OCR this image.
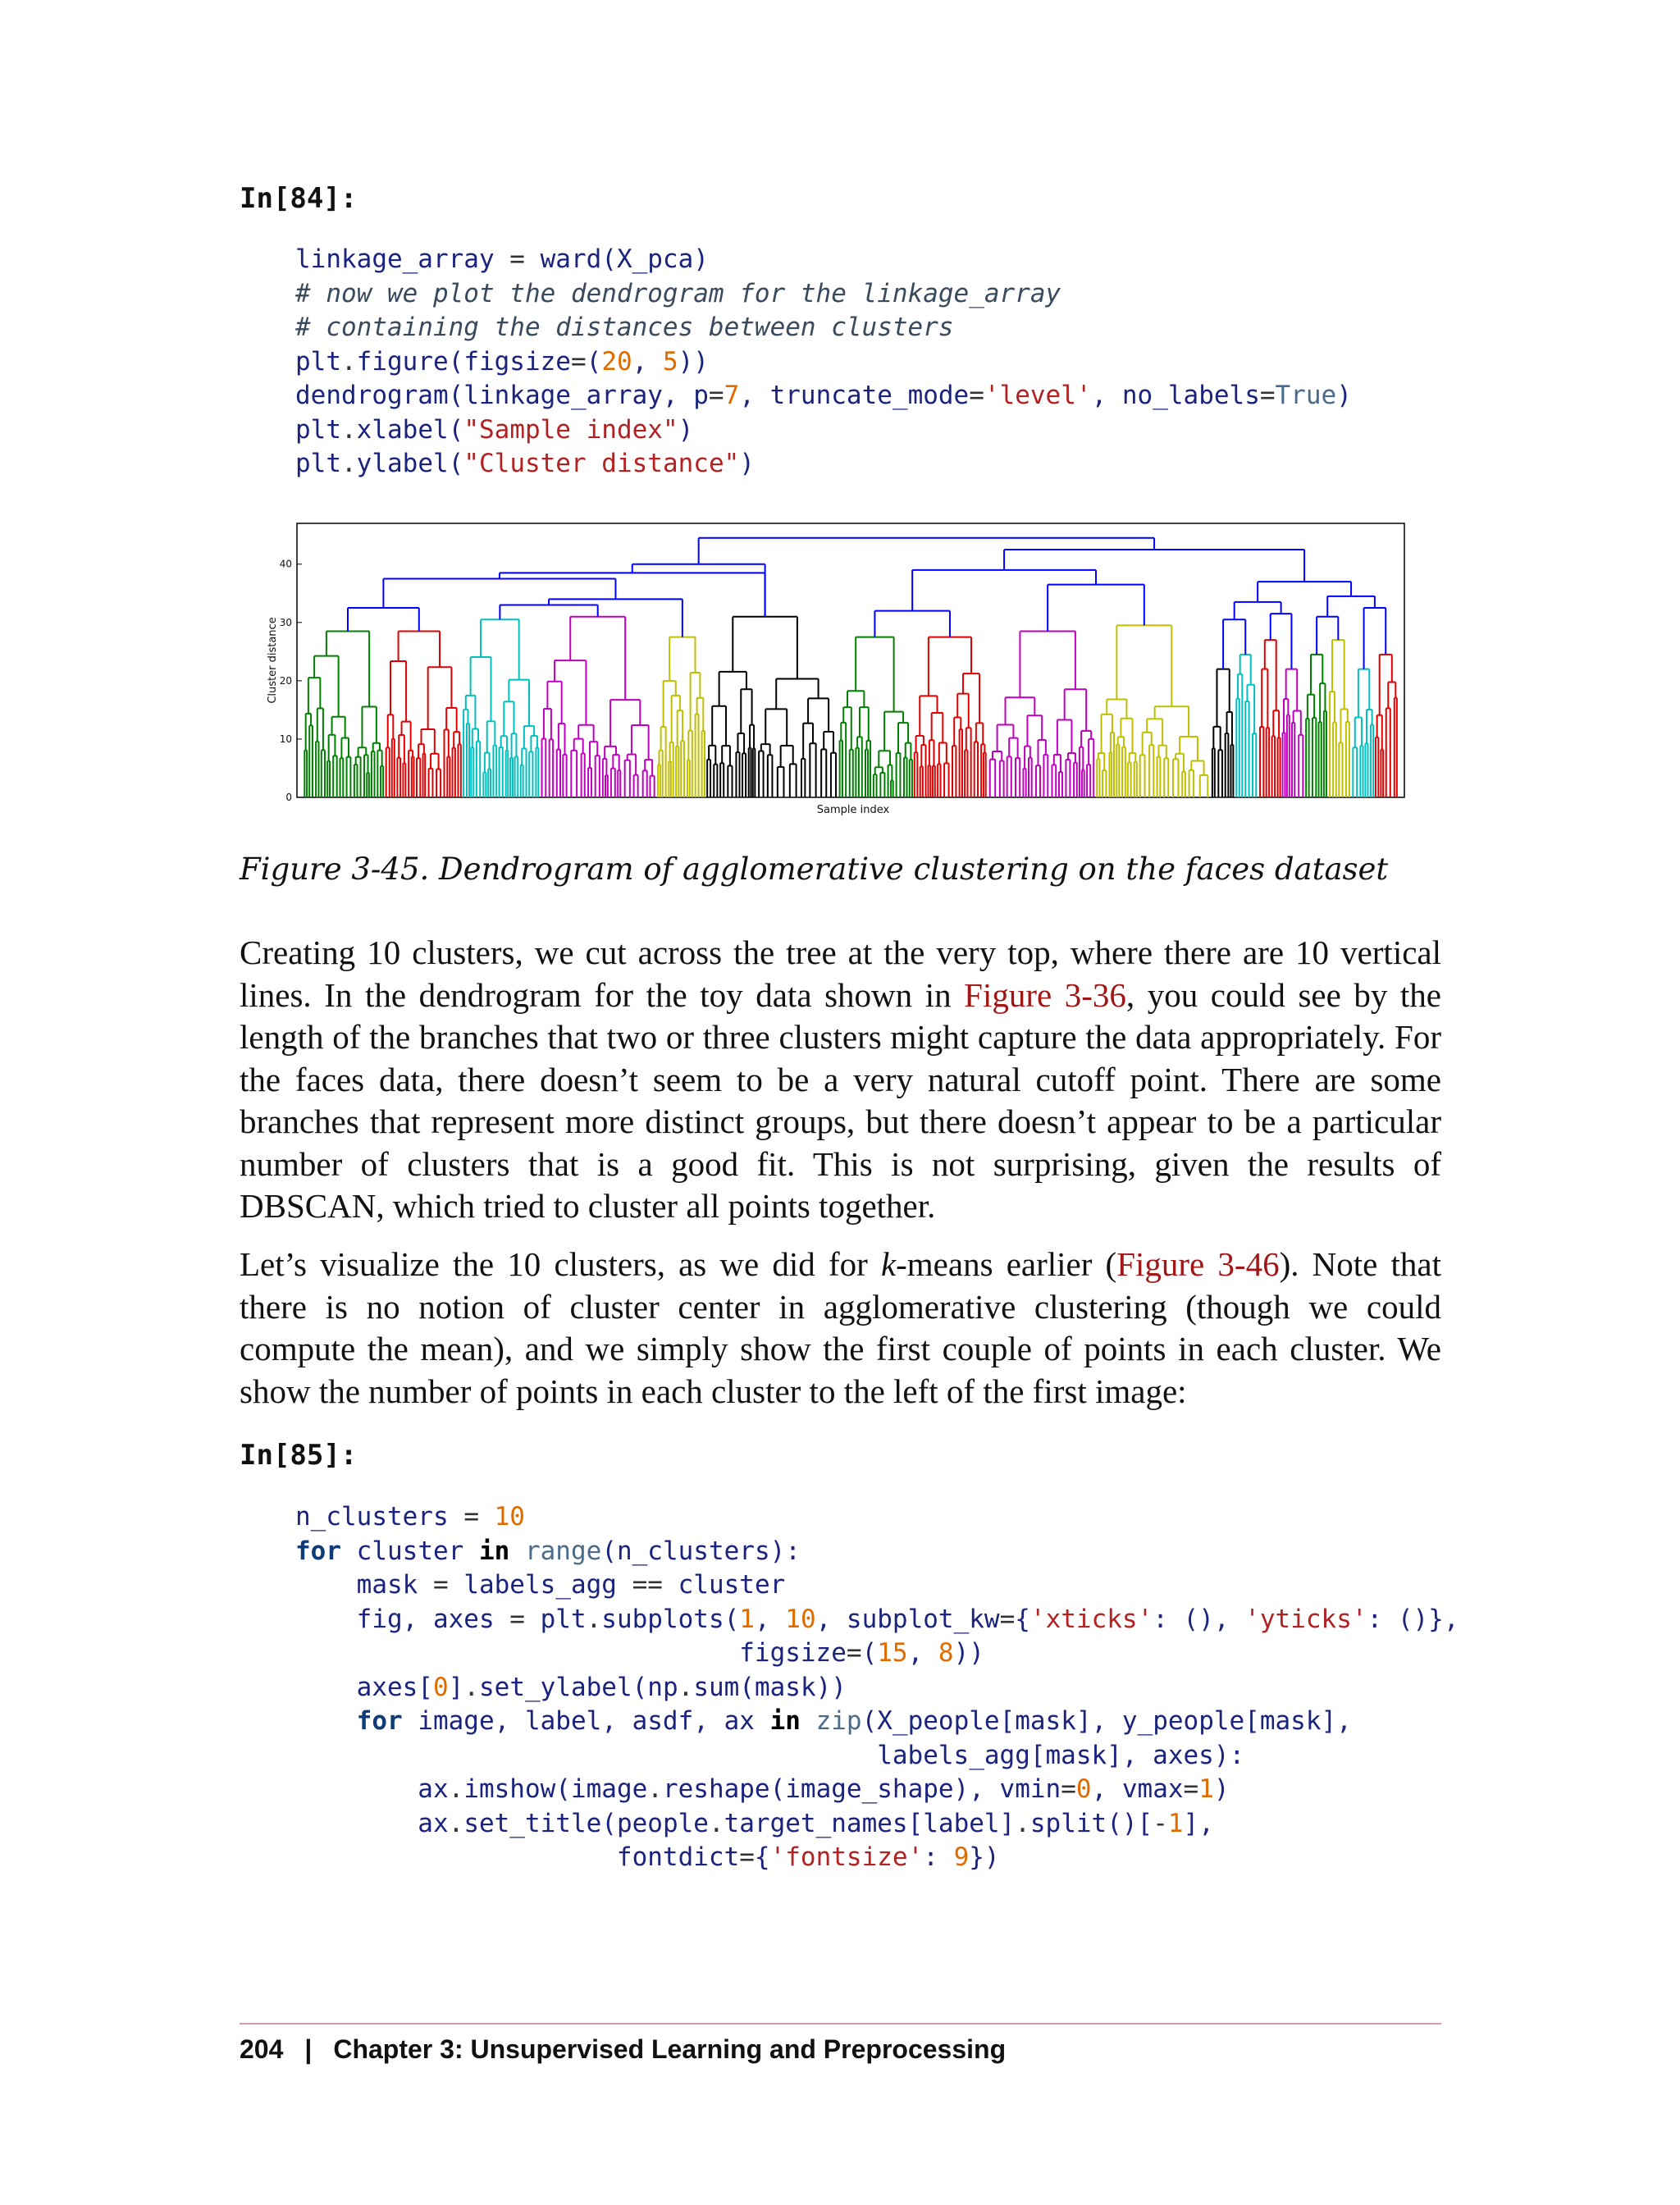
In[84]:
linkage_array = ward(X_pca)
# now we plot the dendrogram for the linkage_array
# containing the distances between clusters
plt.figure(figsize=(20, 5))
dendrogram(linkage_array, p=7, truncate_mode='level', no_labels=True)
plt.xlabel("Sample index")
plt.ylabel("Cluster distance")
0
10
20
30
40
Sample index
Cluster distance
Figure 3-45. Dendrogram of agglomerative clustering on the faces dataset

Creating 10 clusters, we cut across the tree at the very top, where there are 10 vertical lines. In the dendrogram for the toy data shown in Figure 3-36, you could see by the length of the branches that two or three clusters might capture the data appropriately. For the faces data, there doesn’t seem to be a very natural cutoff point. There are some branches that represent more distinct groups, but there doesn’t appear to be a particular number of clusters that is a good fit. This is not surprising, given the results of DBSCAN, which tried to cluster all points together.

Let’s visualize the 10 clusters, as we did for k-means earlier (Figure 3-46). Note that there is no notion of cluster center in agglomerative clustering (though we could compute the mean), and we simply show the first couple of points in each cluster. We show the number of points in each cluster to the left of the first image:

In[85]:
n_clusters = 10
for cluster in range(n_clusters):
mask = labels_agg == cluster
fig, axes = plt.subplots(1, 10, subplot_kw={'xticks': (), 'yticks': ()},
figsize=(15, 8))
axes[0].set_ylabel(np.sum(mask))
for image, label, asdf, ax in zip(X_people[mask], y_people[mask],
labels_agg[mask], axes):
ax.imshow(image.reshape(image_shape), vmin=0, vmax=1)
ax.set_title(people.target_names[label].split()[-1],
fontdict={'fontsize': 9})
204 | Chapter 3: Unsupervised Learning and Preprocessing
